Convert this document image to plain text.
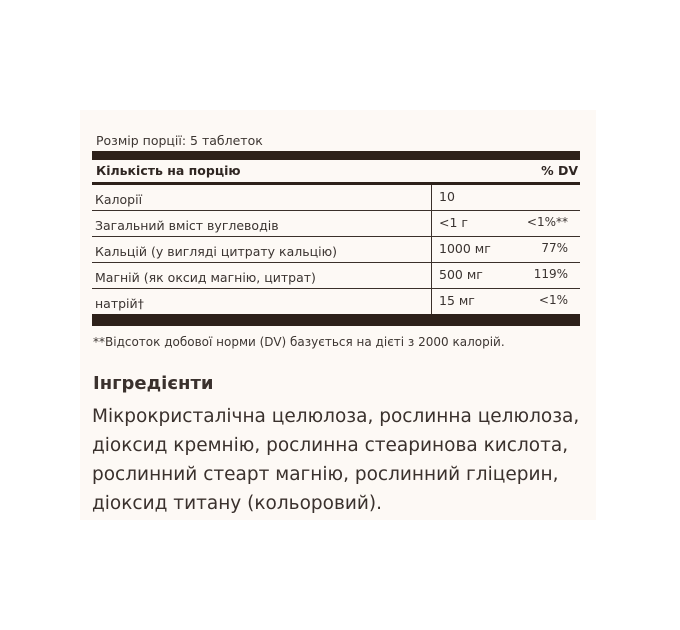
Розмір порції: 5 таблеток
Кількість на порцію	% DV
Калорії	10
Загальний вміст вуглеводів	<1 г	<1%**
Кальцій (у вигляді цитрату кальцію)	1000 мг	77%
Магній (як оксид магнію, цитрат)	500 мг	119%
натрій†	15 мг	<1%
**Відсоток добової норми (DV) базується на дієті з 2000 калорій.
Інгредієнти
Мікрокристалічна целюлоза, рослинна целюлоза,
діоксид кремнію, рослинна стеаринова кислота,
рослинний стеарт магнію, рослинний гліцерин,
діоксид титану (кольоровий).
